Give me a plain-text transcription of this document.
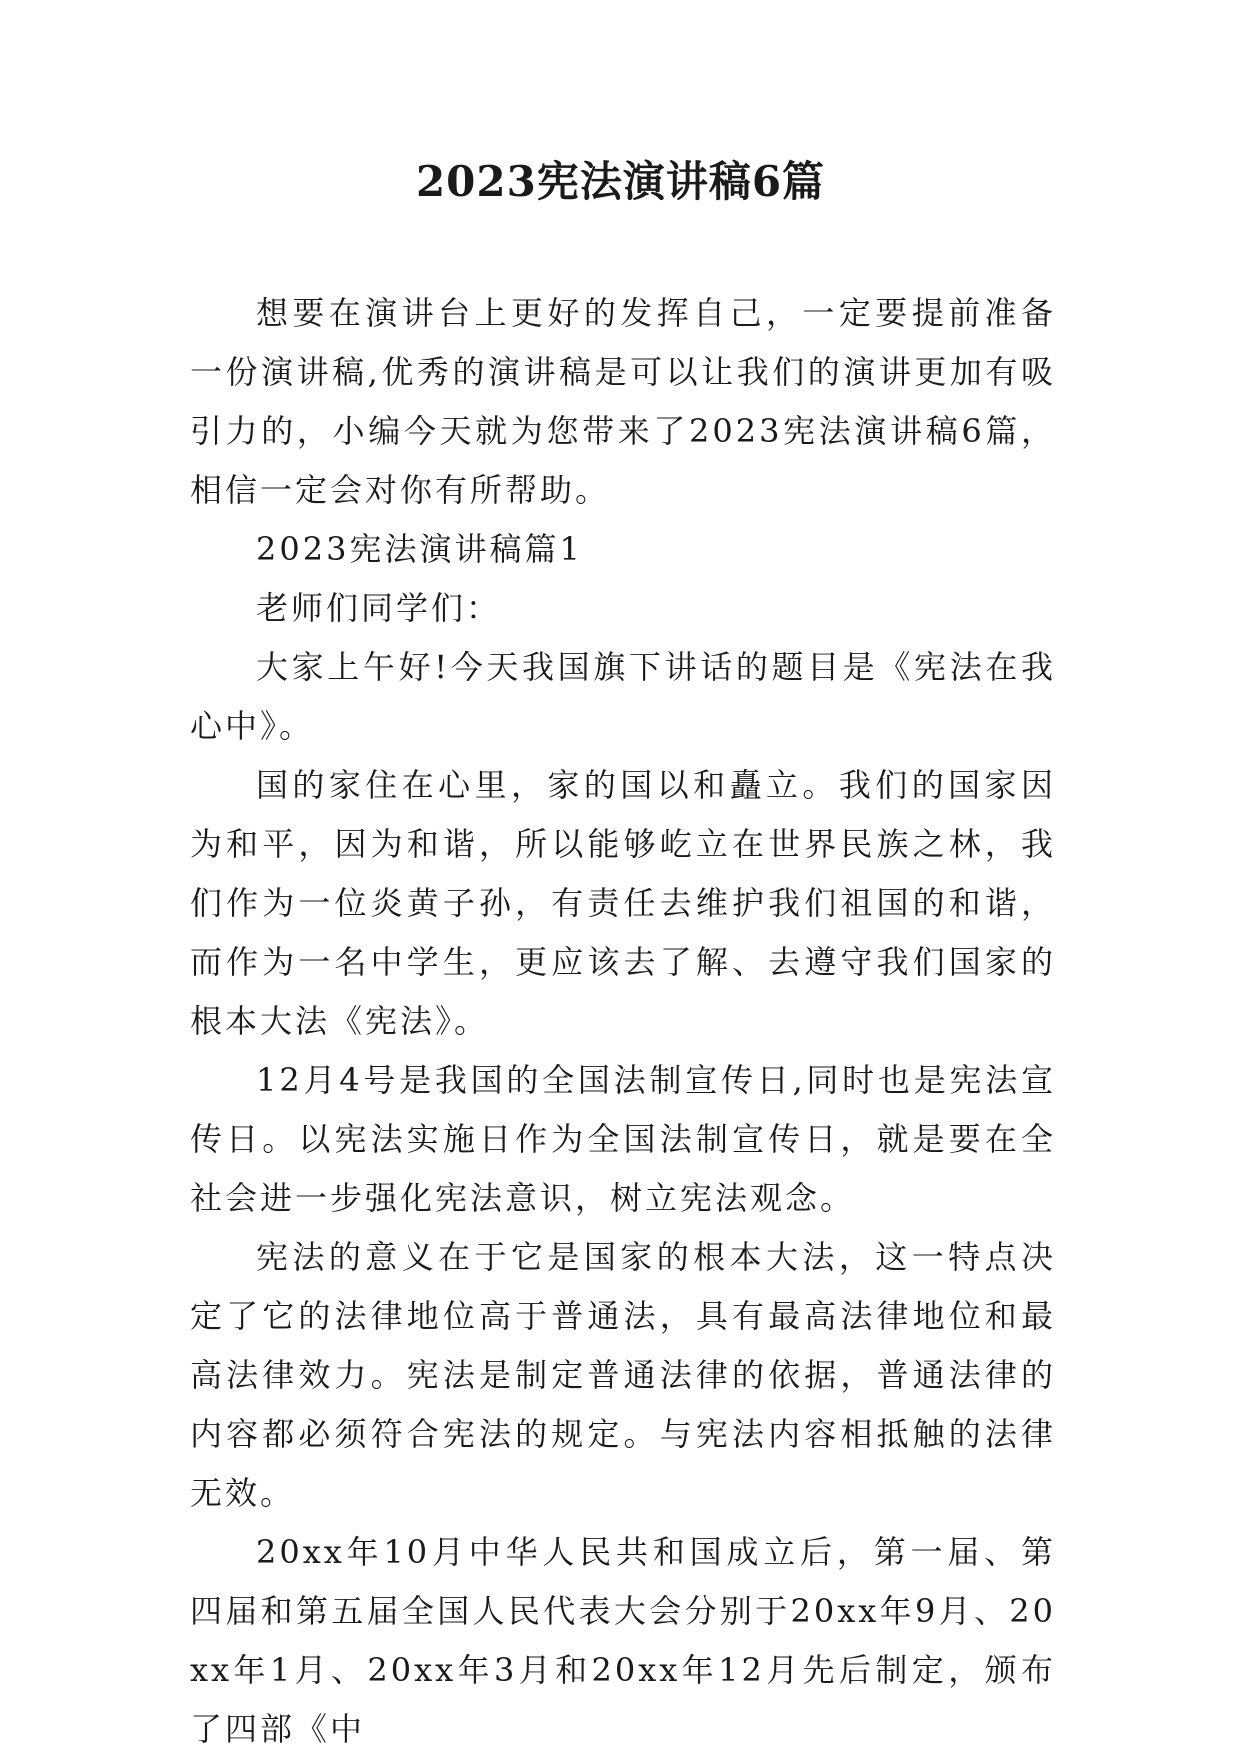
2023宪法演讲稿6篇

想要在演讲台上更好的发挥自己，一定要提前准备一份演讲稿,优秀的演讲稿是可以让我们的演讲更加有吸引力的，小编今天就为您带来了2023宪法演讲稿6篇，相信一定会对你有所帮助。

2023宪法演讲稿篇1

老师们同学们：

大家上午好!今天我国旗下讲话的题目是《宪法在我心中》。

国的家住在心里，家的国以和矗立。我们的国家因为和平，因为和谐，所以能够屹立在世界民族之林，我们作为一位炎黄子孙，有责任去维护我们祖国的和谐，而作为一名中学生，更应该去了解、去遵守我们国家的根本大法《宪法》。

12月4号是我国的全国法制宣传日,同时也是宪法宣传日。以宪法实施日作为全国法制宣传日，就是要在全社会进一步强化宪法意识，树立宪法观念。

宪法的意义在于它是国家的根本大法，这一特点决定了它的法律地位高于普通法，具有最高法律地位和最高法律效力。宪法是制定普通法律的依据，普通法律的内容都必须符合宪法的规定。与宪法内容相抵触的法律无效。

20xx年10月中华人民共和国成立后，第一届、第四届和第五届全国人民代表大会分别于20xx年9月、20xx年1月、20xx年3月和20xx年12月先后制定，颁布了四部《中
